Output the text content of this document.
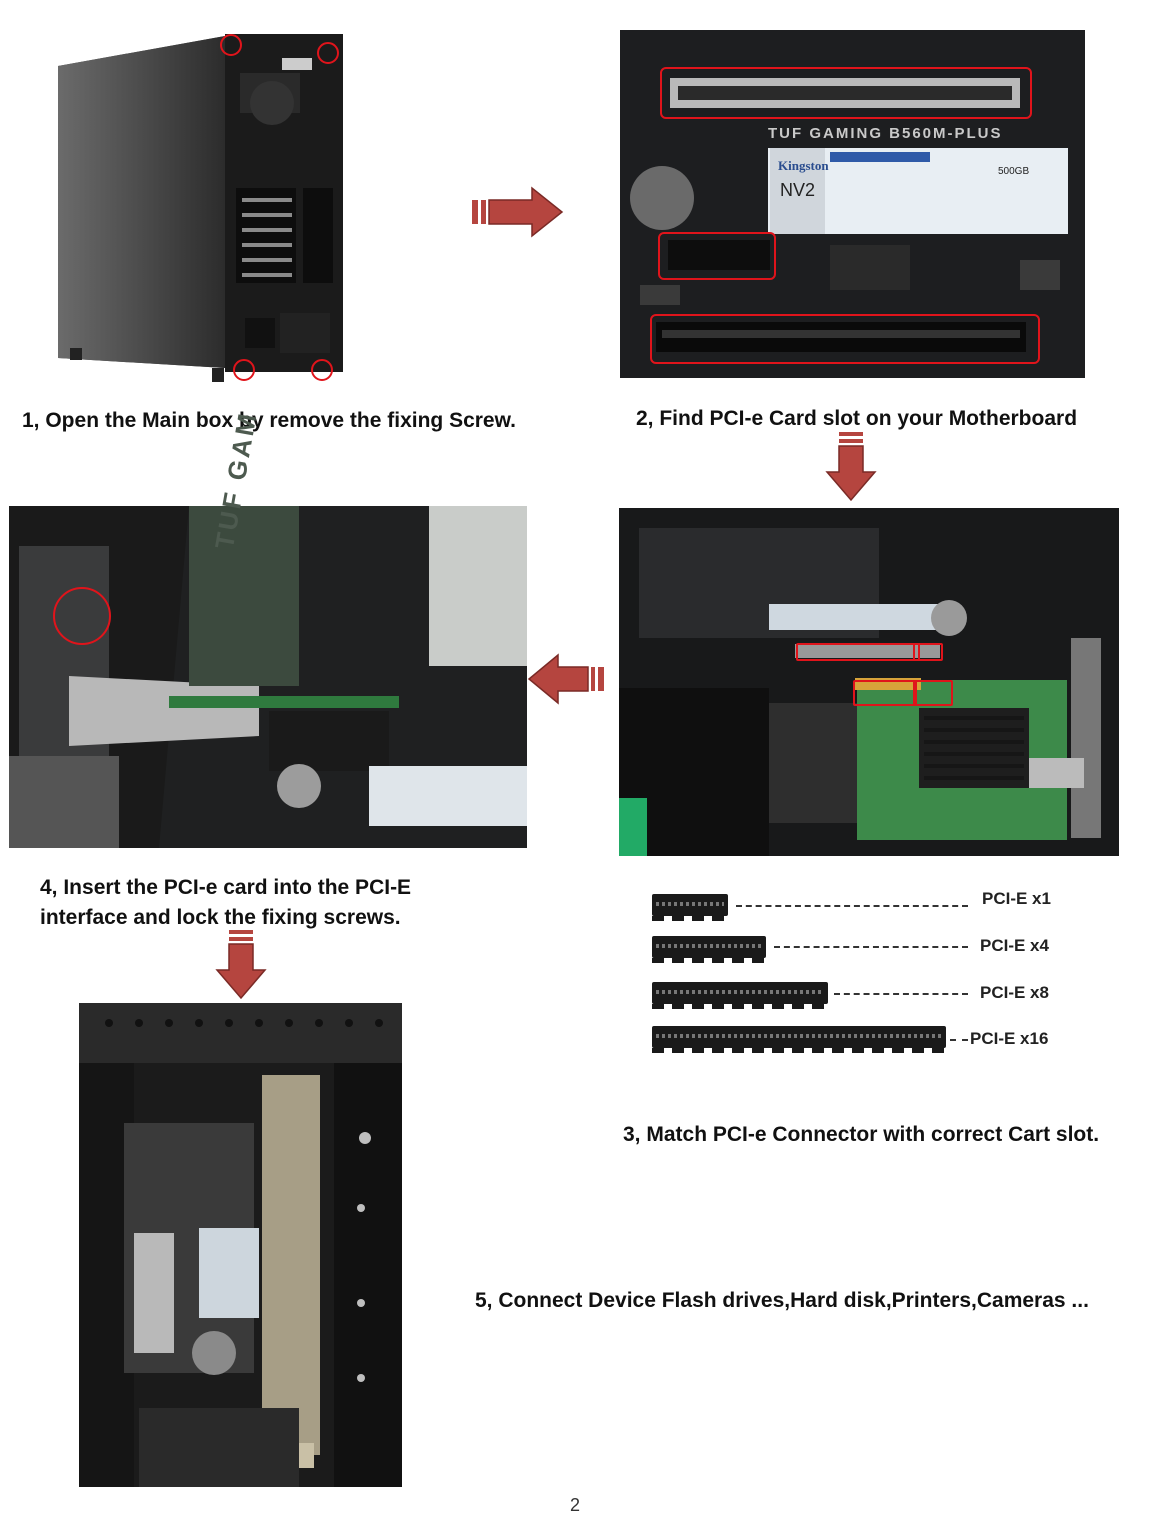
1, Open the Main box by remove the fixing Screw.
TUF GAMING B560M-PLUS
Kingston
NV2
500GB
2, Find PCI-e Card slot on your Motherboard
PCI-E x1
PCI-E x4
PCI-E x8
PCI-E x16
3, Match PCI-e Connector with correct Cart slot.
TUF GAM
4, Insert the PCI-e card into the PCI-E
interface and lock the fixing screws.
5, Connect Device Flash drives,Hard disk,Printers,Cameras ...
2
